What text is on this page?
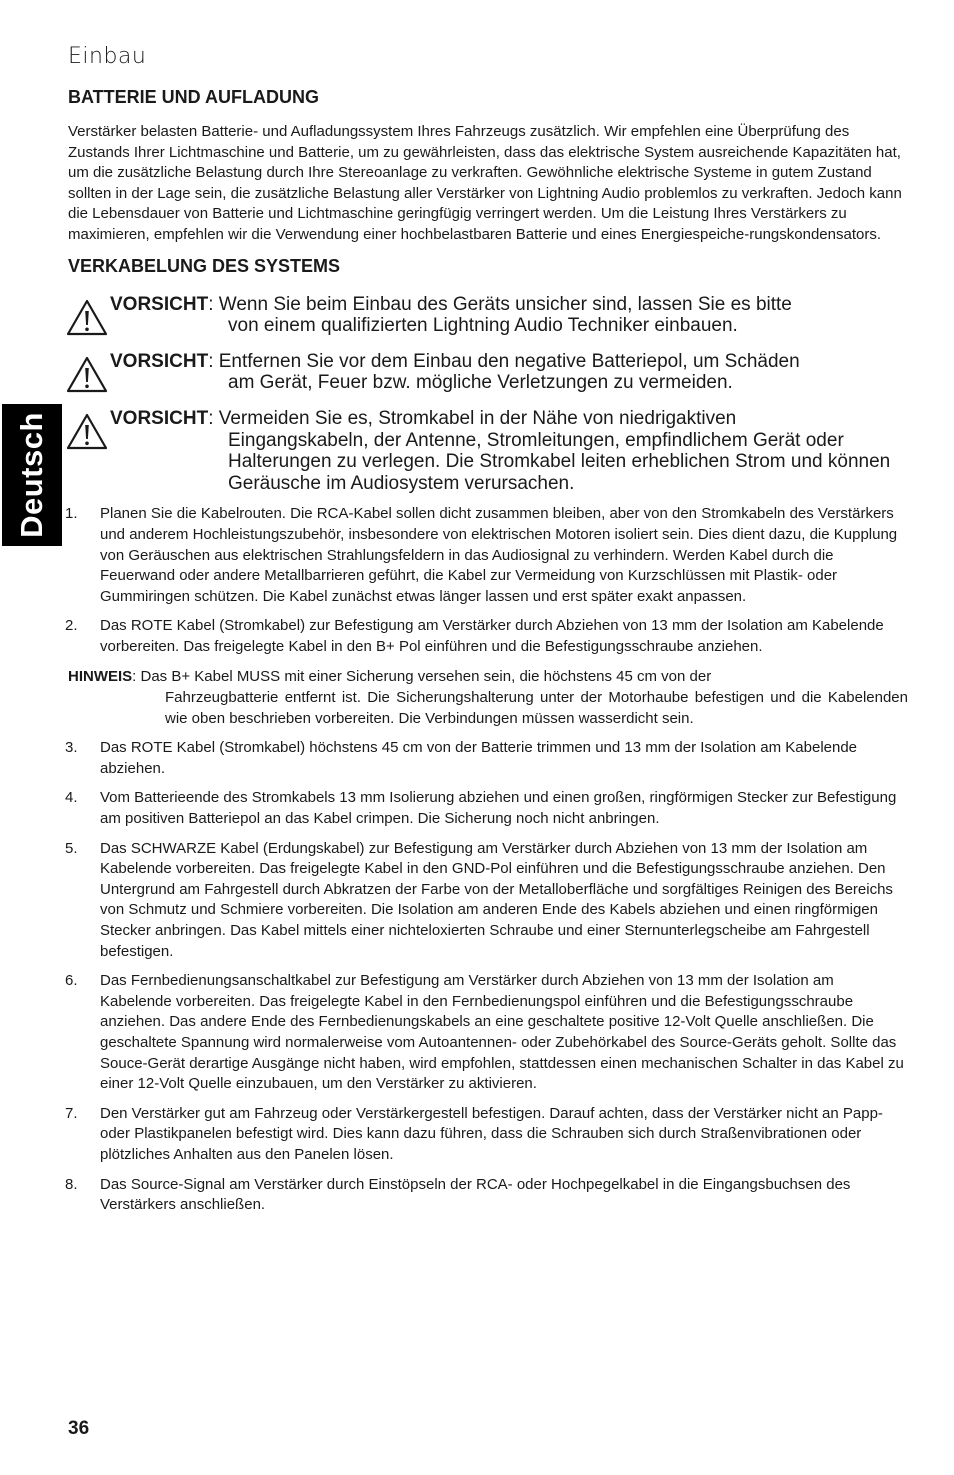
Einbau
Deutsch
BATTERIE UND AUFLADUNG

Verstärker belasten Batterie- und Aufladungssystem Ihres Fahrzeugs zusätzlich. Wir empfehlen eine Überprüfung des Zustands Ihrer Lichtmaschine und Batterie, um zu gewährleisten, dass das elektrische System ausreichende Kapazitäten hat, um die zusätzliche Belastung durch Ihre Stereoanlage zu verkraften. Gewöhnliche elektrische Systeme in gutem Zustand sollten in der Lage sein, die zusätzliche Belastung aller Verstärker von Lightning Audio problemlos zu verkraften. Jedoch kann die Lebensdauer von Batterie und Lichtmaschine geringfügig verringert werden. Um die Leistung Ihres Verstärkers zu maximieren, empfehlen wir die Verwendung einer hochbelastbaren Batterie und eines Energiespeiche-rungskondensators.

VERKABELUNG DES SYSTEMS
VORSICHT : Wenn Sie beim Einbau des Geräts unsicher sind, lassen Sie es bitte
von einem qualifizierten Lightning Audio Techniker einbauen.
VORSICHT : Entfernen Sie vor dem Einbau den negative Batteriepol, um Schäden
am Gerät, Feuer bzw. mögliche Verletzungen zu vermeiden.
VORSICHT : Vermeiden Sie es, Stromkabel in der Nähe von niedrigaktiven
Eingangskabeln, der Antenne, Stromleitungen, empfindlichem Gerät oder Halterungen zu verlegen. Die Stromkabel leiten erheblichen Strom und können Geräusche im Audiosystem verursachen.
1. Planen Sie die Kabelrouten. Die RCA-Kabel sollen dicht zusammen bleiben, aber von den Stromkabeln des Verstärkers und anderem Hochleistungszubehör, insbesondere von elektrischen Motoren isoliert sein. Dies dient dazu, die Kupplung von Geräuschen aus elektrischen Strahlungsfeldern in das Audiosignal zu verhindern. Werden Kabel durch die Feuerwand oder andere Metallbarrieren geführt, die Kabel zur Vermeidung von Kurzschlüssen mit Plastik- oder Gummiringen schützen. Die Kabel zunächst etwas länger lassen und erst später exakt anpassen.
2. Das ROTE Kabel (Stromkabel) zur Befestigung am Verstärker durch Abziehen von 13 mm der Isolation am Kabelende vorbereiten. Das freigelegte Kabel in den B+ Pol einführen und die Befestigungsschraube anziehen.
HINWEIS: Das B+ Kabel MUSS mit einer Sicherung versehen sein, die höchstens 45 cm von der
Fahrzeugbatterie entfernt ist. Die Sicherungshalterung unter der Motorhaube befestigen und die Kabelenden wie oben beschrieben vorbereiten. Die Verbindungen müssen wasserdicht sein.
3. Das ROTE Kabel (Stromkabel) höchstens 45 cm von der Batterie trimmen und 13 mm der Isolation am Kabelende abziehen.
4. Vom Batterieende des Stromkabels 13 mm Isolierung abziehen und einen großen, ringförmigen Stecker zur Befestigung am positiven Batteriepol an das Kabel crimpen. Die Sicherung noch nicht anbringen.
5. Das SCHWARZE Kabel (Erdungskabel) zur Befestigung am Verstärker durch Abziehen von 13 mm der Isolation am Kabelende vorbereiten. Das freigelegte Kabel in den GND-Pol einführen und die Befestigungsschraube anziehen. Den Untergrund am Fahrgestell durch Abkratzen der Farbe von der Metalloberfläche und sorgfältiges Reinigen des Bereichs von Schmutz und Schmiere vorbereiten. Die Isolation am anderen Ende des Kabels abziehen und einen ringförmigen Stecker anbringen. Das Kabel mittels einer nichteloxierten Schraube und einer Sternunterlegscheibe am Fahrgestell befestigen.
6. Das Fernbedienungsanschaltkabel zur Befestigung am Verstärker durch Abziehen von 13 mm der Isolation am Kabelende vorbereiten. Das freigelegte Kabel in den Fernbedienungspol einführen und die Befestigungsschraube anziehen. Das andere Ende des Fernbedienungskabels an eine geschaltete positive 12-Volt Quelle anschließen. Die geschaltete Spannung wird normalerweise vom Autoantennen- oder Zubehörkabel des Source-Geräts geholt. Sollte das Souce-Gerät derartige Ausgänge nicht haben, wird empfohlen, stattdessen einen mechanischen Schalter in das Kabel zu einer 12-Volt Quelle einzubauen, um den Verstärker zu aktivieren.
7. Den Verstärker gut am Fahrzeug oder Verstärkergestell befestigen. Darauf achten, dass der Verstärker nicht an Papp- oder Plastikpanelen befestigt wird. Dies kann dazu führen, dass die Schrauben sich durch Straßenvibrationen oder plötzliches Anhalten aus den Panelen lösen.
8. Das Source-Signal am Verstärker durch Einstöpseln der RCA- oder Hochpegelkabel in die Eingangsbuchsen des Verstärkers anschließen.
36
